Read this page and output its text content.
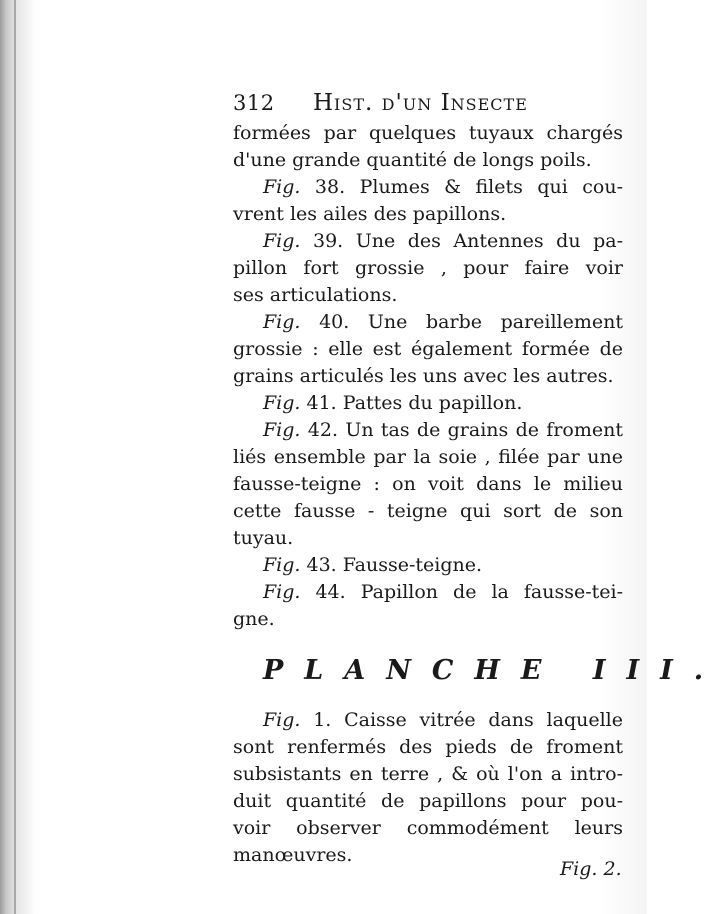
312	Hist. d'un Insecte
formées par quelques tuyaux chargés
d'une grande quantité de longs poils.
Fig. 38. Plumes & filets qui cou-
vrent les ailes des papillons.
Fig. 39. Une des Antennes du pa-
pillon fort grossie , pour faire voir
ses articulations.
Fig. 40. Une barbe pareillement
grossie : elle est également formée de
grains articulés les uns avec les autres.
Fig. 41. Pattes du papillon.
Fig. 42. Un tas de grains de froment
liés ensemble par la soie , filée par une
fausse-teigne : on voit dans le milieu
cette fausse - teigne qui sort de son
tuyau.
Fig. 43. Fausse-teigne.
Fig. 44. Papillon de la fausse-tei-
gne.
PLANCHE III.
Fig. 1. Caisse vitrée dans laquelle
sont renfermés des pieds de froment
subsistants en terre , & où l'on a intro-
duit quantité de papillons pour pou-
voir observer commodément leurs
manœuvres.
Fig. 2.
